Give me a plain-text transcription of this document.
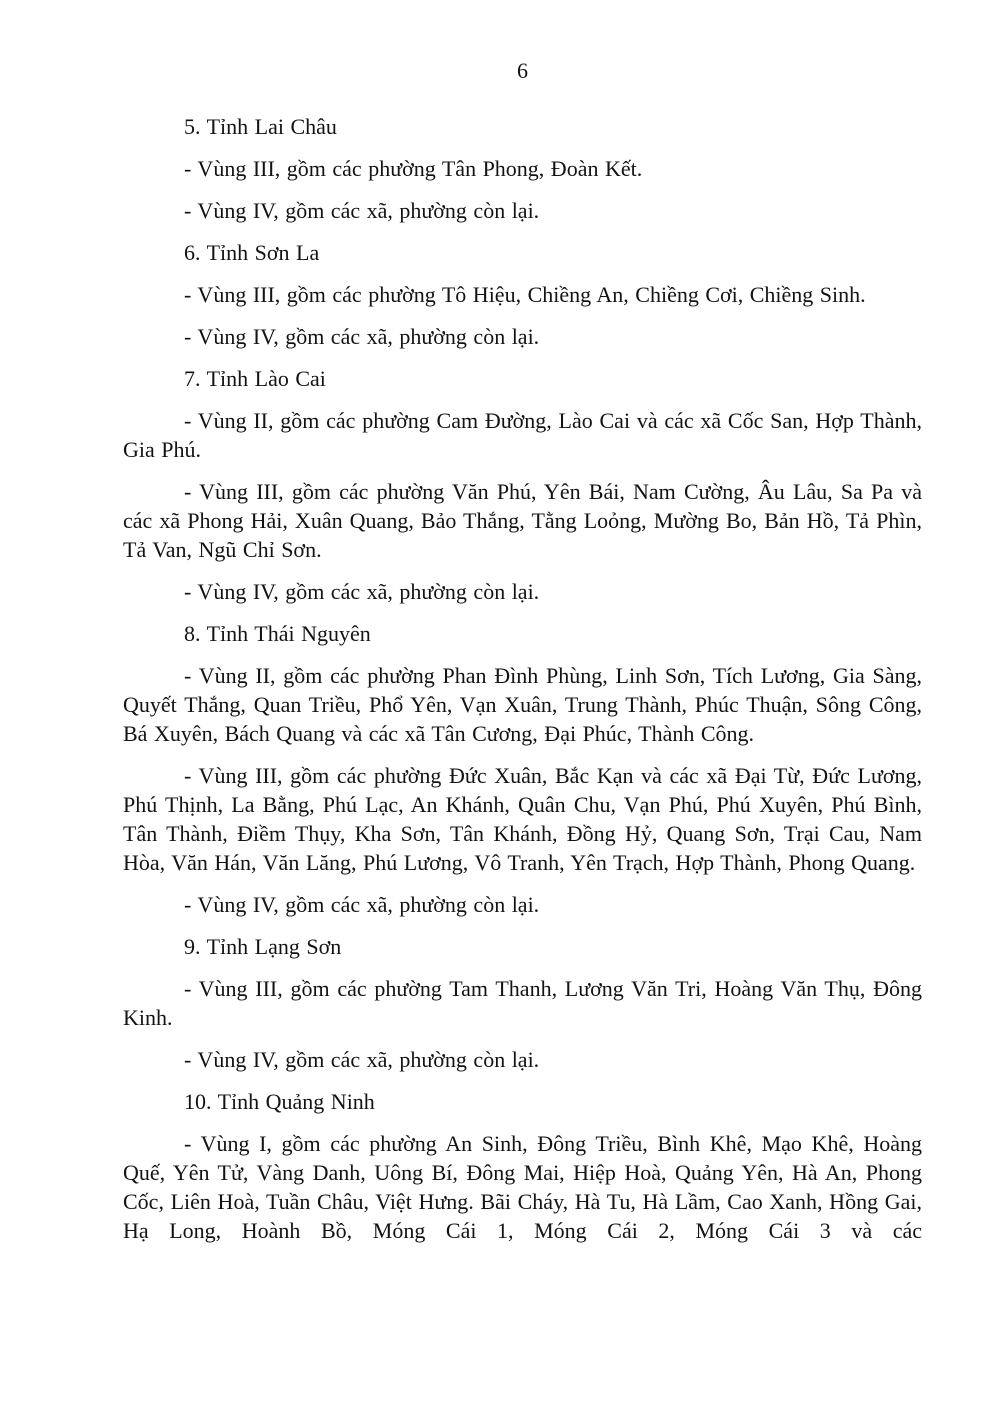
6

5. Tỉnh Lai Châu

- Vùng III, gồm các phường Tân Phong, Đoàn Kết.

- Vùng IV, gồm các xã, phường còn lại.

6. Tỉnh Sơn La

- Vùng III, gồm các phường Tô Hiệu, Chiềng An, Chiềng Cơi, Chiềng Sinh.

- Vùng IV, gồm các xã, phường còn lại.

7. Tỉnh Lào Cai

- Vùng II, gồm các phường Cam Đường, Lào Cai và các xã Cốc San, Hợp Thành, Gia Phú.

- Vùng III, gồm các phường Văn Phú, Yên Bái, Nam Cường, Âu Lâu, Sa Pa và các xã Phong Hải, Xuân Quang, Bảo Thắng, Tằng Loỏng, Mường Bo, Bản Hồ, Tả Phìn, Tả Van, Ngũ Chỉ Sơn.

- Vùng IV, gồm các xã, phường còn lại.

8. Tỉnh Thái Nguyên

- Vùng II, gồm các phường Phan Đình Phùng, Linh Sơn, Tích Lương, Gia Sàng, Quyết Thắng, Quan Triều, Phổ Yên, Vạn Xuân, Trung Thành, Phúc Thuận, Sông Công, Bá Xuyên, Bách Quang và các xã Tân Cương, Đại Phúc, Thành Công.

- Vùng III, gồm các phường Đức Xuân, Bắc Kạn và các xã Đại Từ, Đức Lương, Phú Thịnh, La Bằng, Phú Lạc, An Khánh, Quân Chu, Vạn Phú, Phú Xuyên, Phú Bình, Tân Thành, Điềm Thụy, Kha Sơn, Tân Khánh, Đồng Hỷ, Quang Sơn, Trại Cau, Nam Hòa, Văn Hán, Văn Lăng, Phú Lương, Vô Tranh, Yên Trạch, Hợp Thành, Phong Quang.

- Vùng IV, gồm các xã, phường còn lại.

9. Tỉnh Lạng Sơn

- Vùng III, gồm các phường Tam Thanh, Lương Văn Tri, Hoàng Văn Thụ, Đông Kinh.

- Vùng IV, gồm các xã, phường còn lại.

10. Tỉnh Quảng Ninh

- Vùng I, gồm các phường An Sinh, Đông Triều, Bình Khê, Mạo Khê, Hoàng Quế, Yên Tử, Vàng Danh, Uông Bí, Đông Mai, Hiệp Hoà, Quảng Yên, Hà An, Phong Cốc, Liên Hoà, Tuần Châu, Việt Hưng. Bãi Cháy, Hà Tu, Hà Lầm, Cao Xanh, Hồng Gai, Hạ Long, Hoành Bồ, Móng Cái 1, Móng Cái 2, Móng Cái 3 và các
